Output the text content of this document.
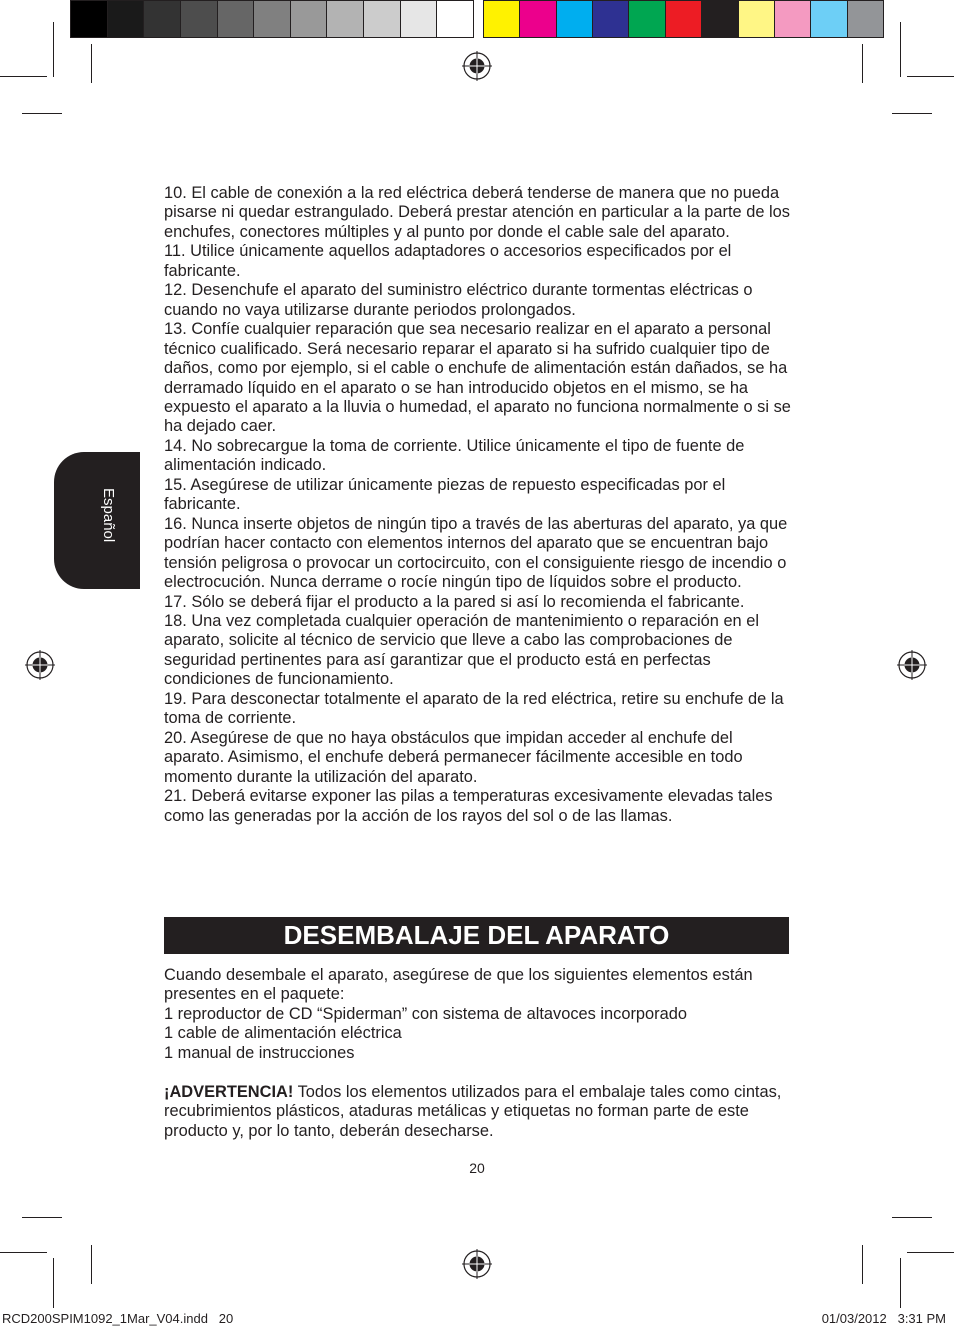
Español

10. El cable de conexión a la red eléctrica deberá tenderse de manera que no pueda pisarse ni quedar estrangulado. Deberá prestar atención en particular a la parte de los enchufes, conectores múltiples y al punto por donde el cable sale del aparato.

11. Utilice únicamente aquellos adaptadores o accesorios especificados por el fabricante.

12. Desenchufe el aparato del suministro eléctrico durante tormentas eléctricas o cuando no vaya utilizarse durante periodos prolongados.

13. Confíe cualquier reparación que sea necesario realizar en el aparato a personal técnico cualificado. Será necesario reparar el aparato si ha sufrido cualquier tipo de daños, como por ejemplo, si el cable o enchufe de alimentación están dañados, se ha derramado líquido en el aparato o se han introducido objetos en el mismo, se ha expuesto el aparato a la lluvia o humedad, el aparato no funciona normalmente o si se ha dejado caer.

14. No sobrecargue la toma de corriente. Utilice únicamente el tipo de fuente de alimentación indicado.

15. Asegúrese de utilizar únicamente piezas de repuesto especificadas por el fabricante.

16. Nunca inserte objetos de ningún tipo a través de las aberturas del aparato, ya que podrían hacer contacto con elementos internos del aparato que se encuentran bajo tensión peligrosa o provocar un cortocircuito, con el consiguiente riesgo de incendio o electrocución. Nunca derrame o rocíe ningún tipo de líquidos sobre el producto.

17. Sólo se deberá fijar el producto a la pared si así lo recomienda el fabricante.

18. Una vez completada cualquier operación de mantenimiento o reparación en el aparato, solicite al técnico de servicio que lleve a cabo las comprobaciones de seguridad pertinentes para así garantizar que el producto está en perfectas condiciones de funcionamiento.

19. Para desconectar totalmente el aparato de la red eléctrica, retire su enchufe de la toma de corriente.

20. Asegúrese de que no haya obstáculos que impidan acceder al enchufe del aparato. Asimismo, el enchufe deberá permanecer fácilmente accesible en todo momento durante la utilización del aparato.

21. Deberá evitarse exponer las pilas a temperaturas excesivamente elevadas tales como las generadas por la acción de los rayos del sol o de las llamas.

DESEMBALAJE DEL APARATO

Cuando desembale el aparato, asegúrese de que los siguientes elementos están presentes en el paquete:

1 reproductor de CD “Spiderman” con sistema de altavoces incorporado

1 cable de alimentación eléctrica

1 manual de instrucciones

¡ADVERTENCIA! Todos los elementos utilizados para el embalaje tales como cintas, recubrimientos plásticos, ataduras metálicas y etiquetas no forman parte de este producto y, por lo tanto, deberán desecharse.

20
RCD200SPIM1092_1Mar_V04.indd   20	01/03/2012   3:31 PM
